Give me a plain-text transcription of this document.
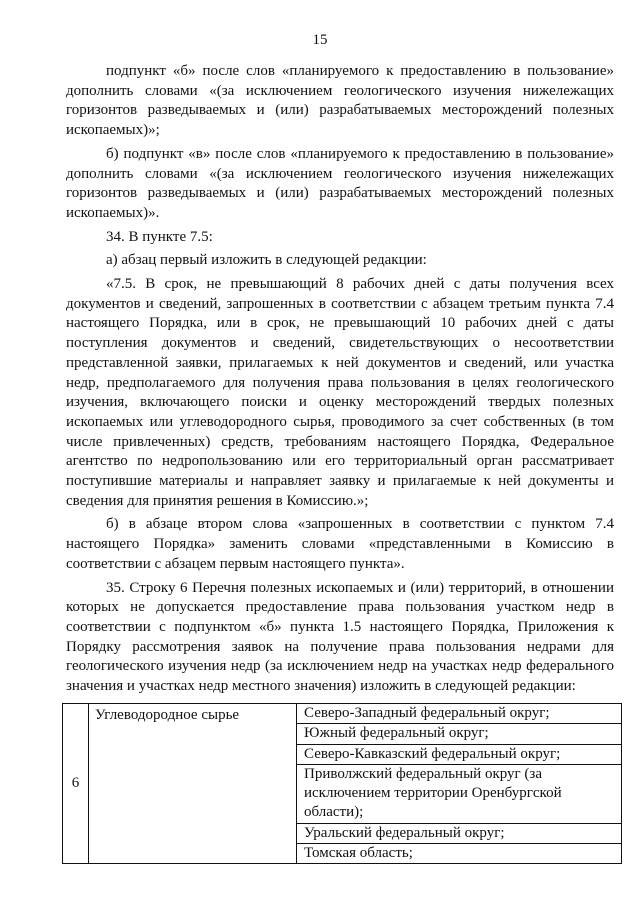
15

подпункт «б» после слов «планируемого к предоставлению в пользование» дополнить словами «(за исключением геологического изучения нижележащих горизонтов разведываемых и (или) разрабатываемых месторождений полезных ископаемых)»;

б) подпункт «в» после слов «планируемого к предоставлению в пользование» дополнить словами «(за исключением геологического изучения нижележащих горизонтов разведываемых и (или) разрабатываемых месторождений полезных ископаемых)».

34. В пункте 7.5:

а) абзац первый изложить в следующей редакции:

«7.5. В срок, не превышающий 8 рабочих дней с даты получения всех документов и сведений, запрошенных в соответствии с абзацем третьим пункта 7.4 настоящего Порядка, или в срок, не превышающий 10 рабочих дней с даты поступления документов и сведений, свидетельствующих о несоответствии представленной заявки, прилагаемых к ней документов и сведений, или участка недр, предполагаемого для получения права пользования в целях геологического изучения, включающего поиски и оценку месторождений твердых полезных ископаемых или углеводородного сырья, проводимого за счет собственных (в том числе привлеченных) средств, требованиям настоящего Порядка, Федеральное агентство по недропользованию или его территориальный орган рассматривает поступившие материалы и направляет заявку и прилагаемые к ней документы и сведения для принятия решения в Комиссию.»;

б) в абзаце втором слова «запрошенных в соответствии с пунктом 7.4 настоящего Порядка» заменить словами «представленными в Комиссию в соответствии с абзацем первым настоящего пункта».

35. Строку 6 Перечня полезных ископаемых и (или) территорий, в отношении которых не допускается предоставление права пользования участком недр в соответствии с подпунктом «б» пункта 1.5 настоящего Порядка, Приложения к Порядку рассмотрения заявок на получение права пользования недрами для геологического изучения недр (за исключением недр на участках недр федерального значения и участках недр местного значения) изложить в следующей редакции:

6	Углеводородное сырье	Северо-Западный федеральный округ;
Южный федеральный округ;
Северо-Кавказский федеральный округ;
Приволжский федеральный округ (за исключением территории Оренбургской области);
Уральский федеральный округ;
Томская область;
